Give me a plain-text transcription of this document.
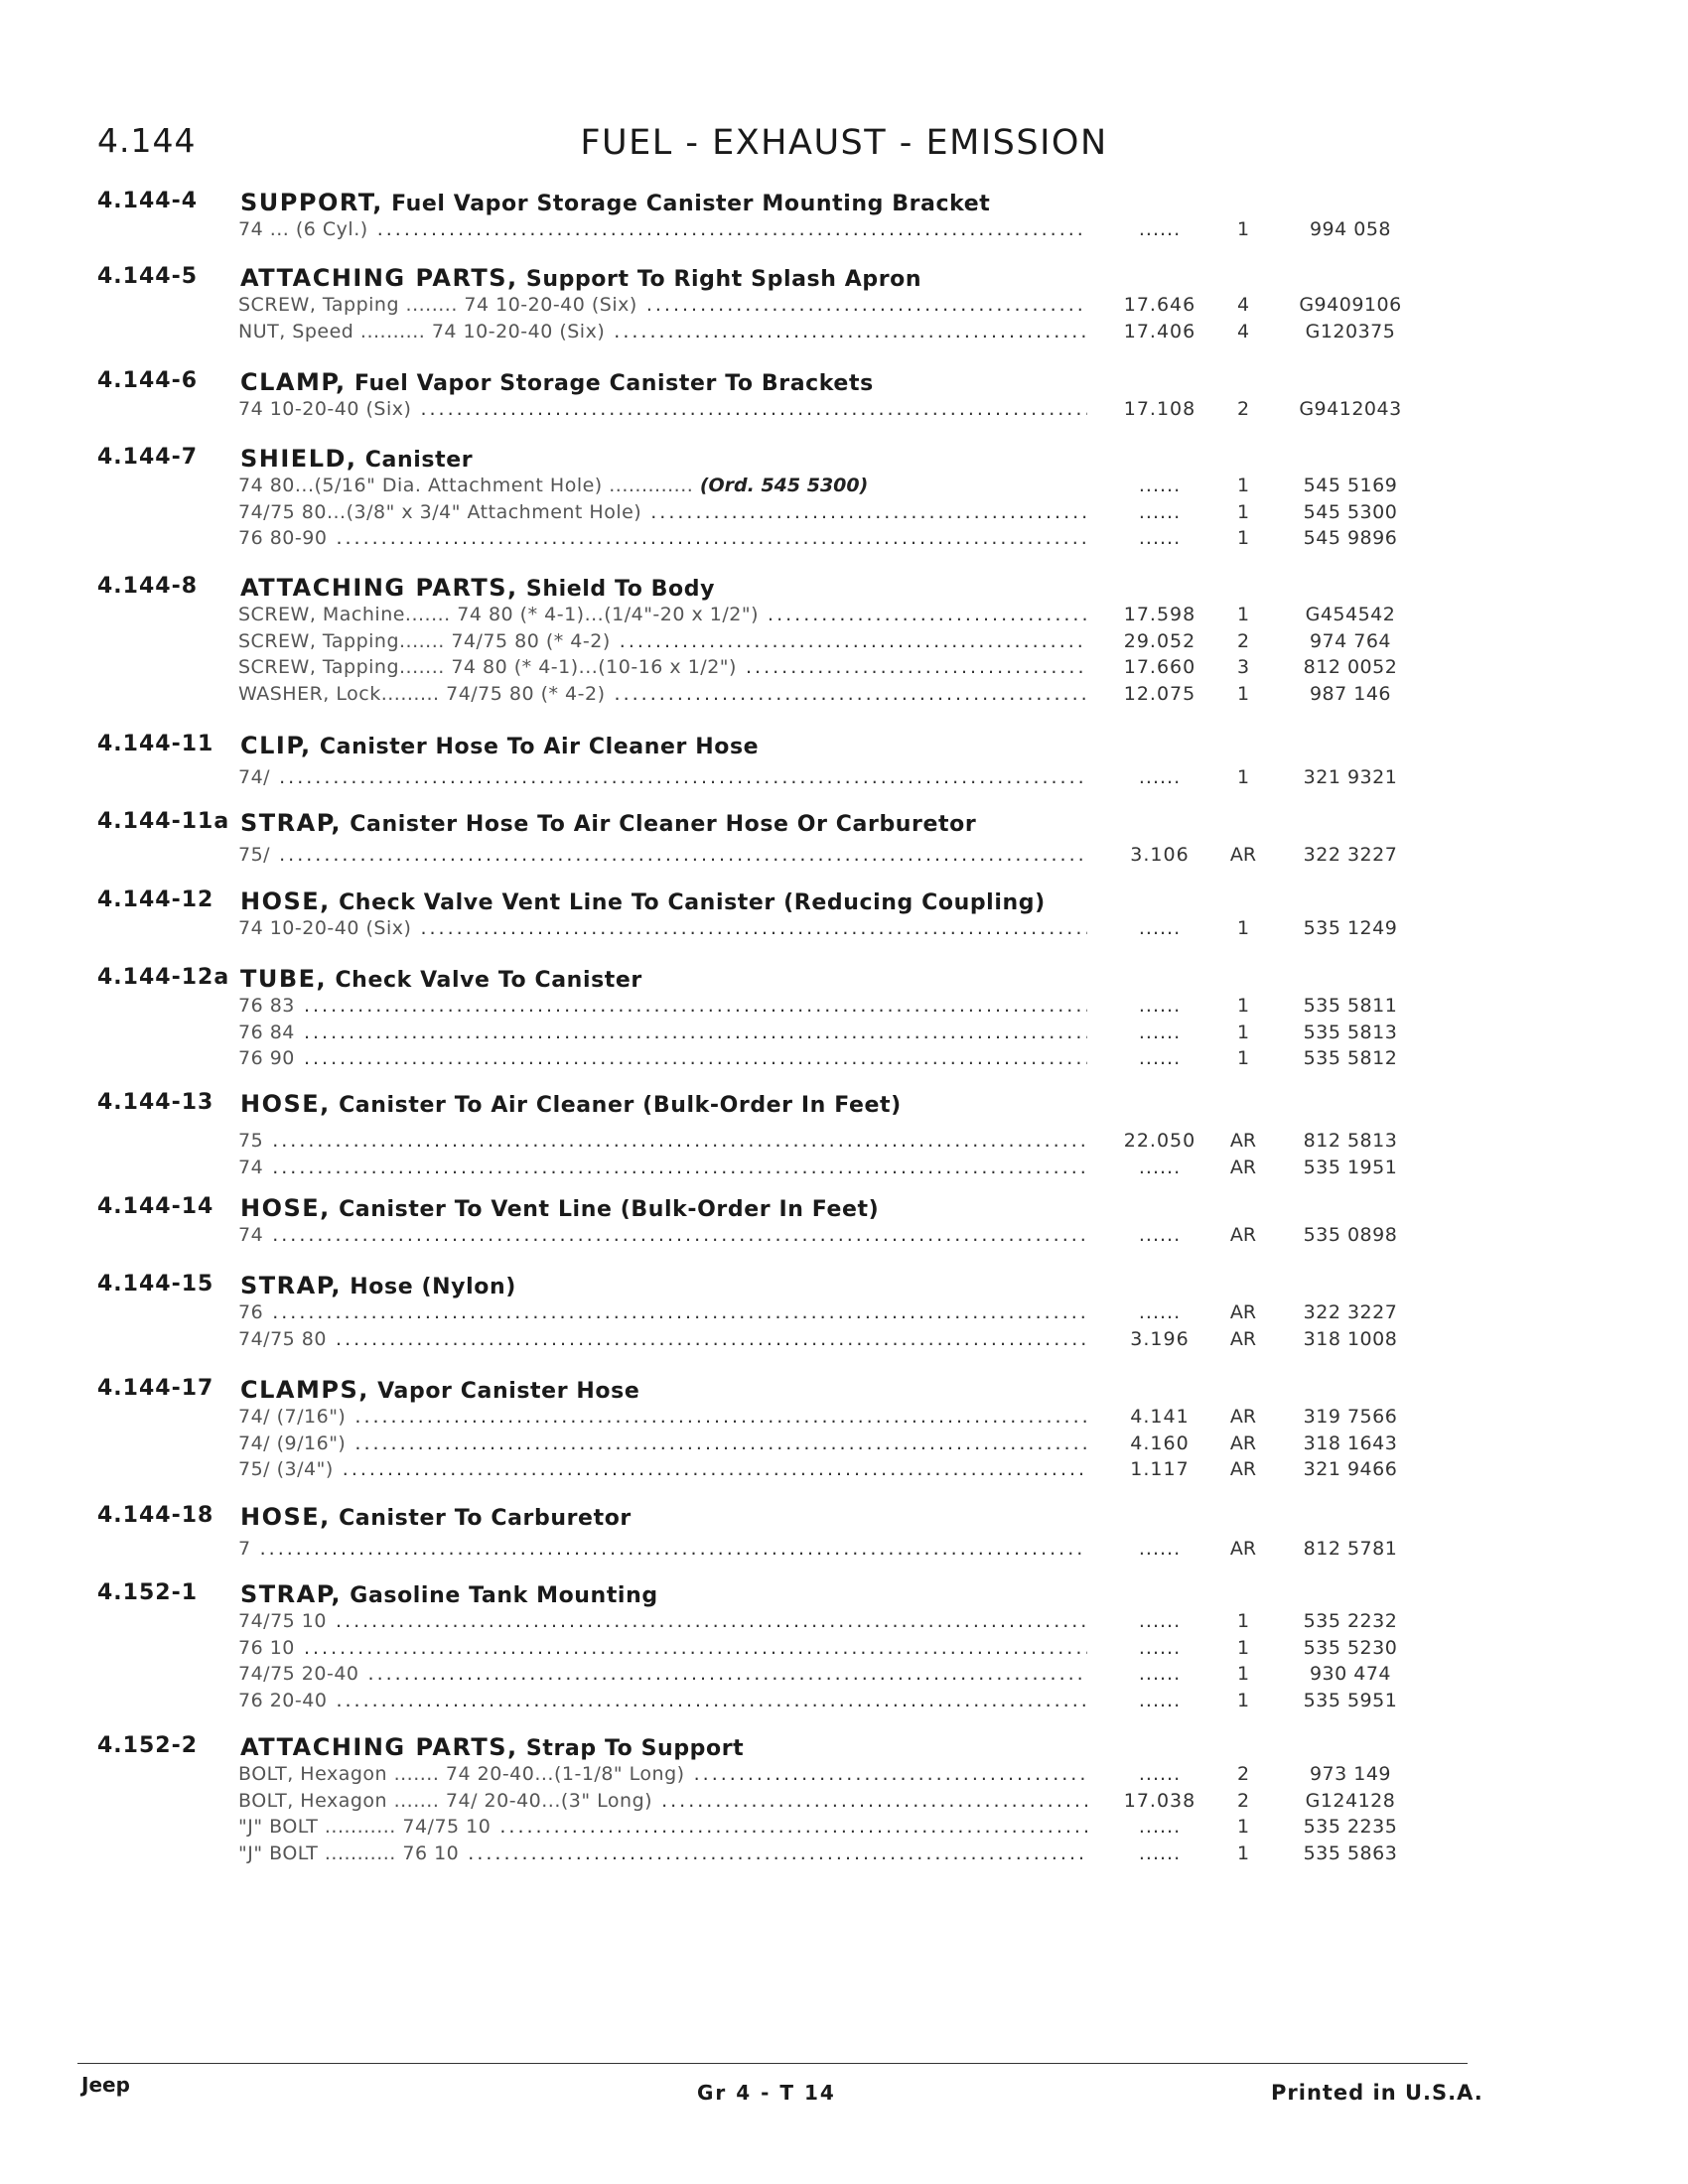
4.144	FUEL - EXHAUST - EMISSION
4.144-4 SUPPORT, Fuel Vapor Storage Canister Mounting Bracket
74 ... (6 Cyl.) .....	......	1	994 058
4.144-5 ATTACHING PARTS, Support To Right Splash Apron
SCREW, Tapping ........ 74 10-20-40 (Six) .....	17.646	4	G9409106
NUT, Speed .......... 74 10-20-40 (Six) .....	17.406	4	G120375
4.144-6 CLAMP, Fuel Vapor Storage Canister To Brackets
74 10-20-40 (Six) .....	17.108	2	G9412043
4.144-7 SHIELD, Canister
74 80...(5/16" Dia. Attachment Hole) ............. (Ord. 545 5300)	......	1	545 5169
74/75 80...(3/8" x 3/4" Attachment Hole) .....	......	1	545 5300
76 80-90 .....	......	1	545 9896
4.144-8 ATTACHING PARTS, Shield To Body
SCREW, Machine....... 74 80 (* 4-1)...(1/4"-20 x 1/2") .....	17.598	1	G454542
SCREW, Tapping....... 74/75 80 (* 4-2) .....	29.052	2	974 764
SCREW, Tapping....... 74 80 (* 4-1)...(10-16 x 1/2") .....	17.660	3	812 0052
WASHER, Lock......... 74/75 80 (* 4-2) .....	12.075	1	987 146
4.144-11 CLIP, Canister Hose To Air Cleaner Hose
74/ .....	......	1	321 9321
4.144-11a STRAP, Canister Hose To Air Cleaner Hose Or Carburetor
75/ .....	3.106	AR	322 3227
4.144-12 HOSE, Check Valve Vent Line To Canister (Reducing Coupling)
74 10-20-40 (Six) .....	......	1	535 1249
4.144-12a TUBE, Check Valve To Canister
76 83 .....	......	1	535 5811
76 84 .....	......	1	535 5813
76 90 .....	......	1	535 5812
4.144-13 HOSE, Canister To Air Cleaner (Bulk-Order In Feet)
75 .....	22.050	AR	812 5813
74 .....	......	AR	535 1951
4.144-14 HOSE, Canister To Vent Line (Bulk-Order In Feet)
74 .....	......	AR	535 0898
4.144-15 STRAP, Hose (Nylon)
76 .....	......	AR	322 3227
74/75 80 .....	3.196	AR	318 1008
4.144-17 CLAMPS, Vapor Canister Hose
74/ (7/16") .....	4.141	AR	319 7566
74/ (9/16") .....	4.160	AR	318 1643
75/ (3/4") .....	1.117	AR	321 9466
4.144-18 HOSE, Canister To Carburetor
7 .....	......	AR	812 5781
4.152-1 STRAP, Gasoline Tank Mounting
74/75 10 .....	......	1	535 2232
76 10 .....	......	1	535 5230
74/75 20-40 .....	......	1	930 474
76 20-40 .....	......	1	535 5951
4.152-2 ATTACHING PARTS, Strap To Support
BOLT, Hexagon ....... 74 20-40...(1-1/8" Long) .....	......	2	973 149
BOLT, Hexagon ....... 74/ 20-40...(3" Long) .....	17.038	2	G124128
"J" BOLT ........... 74/75 10 .....	......	1	535 2235
"J" BOLT ........... 76 10 .....	......	1	535 5863
Jeep	Gr 4 - T 14	Printed in U.S.A.
